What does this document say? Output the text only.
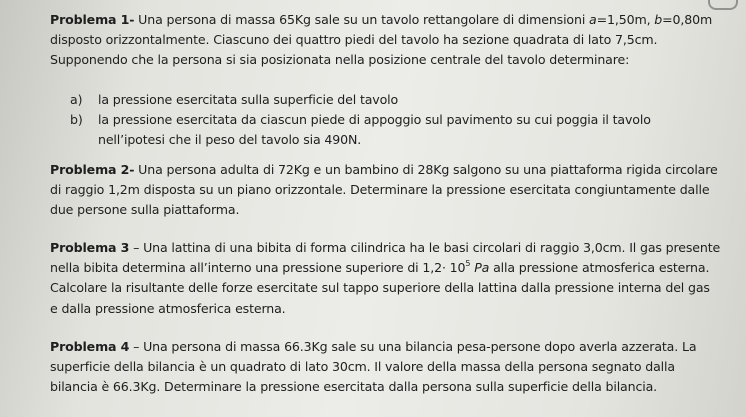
Problema 1- Una persona di massa 65Kg sale su un tavolo rettangolare di dimensioni a=1,50m, b=0,80m
disposto orizzontalmente. Ciascuno dei quattro piedi del tavolo ha sezione quadrata di lato 7,5cm.
Supponendo che la persona si sia posizionata nella posizione centrale del tavolo determinare:
a) la pressione esercitata sulla superficie del tavolo
b) la pressione esercitata da ciascun piede di appoggio sul pavimento su cui poggia il tavolo
nell’ipotesi che il peso del tavolo sia 490N.
Problema 2- Una persona adulta di 72Kg e un bambino di 28Kg salgono su una piattaforma rigida circolare
di raggio 1,2m disposta su un piano orizzontale. Determinare la pressione esercitata congiuntamente dalle
due persone sulla piattaforma.
Problema 3 – Una lattina di una bibita di forma cilindrica ha le basi circolari di raggio 3,0cm. Il gas presente
nella bibita determina all’interno una pressione superiore di $1,2\cdot 10^5$ Pa alla pressione atmosferica esterna.
Calcolare la risultante delle forze esercitate sul tappo superiore della lattina dalla pressione interna del gas
e dalla pressione atmosferica esterna.
Problema 4 – Una persona di massa 66.3Kg sale su una bilancia pesa-persone dopo averla azzerata. La
superficie della bilancia è un quadrato di lato 30cm. Il valore della massa della persona segnato dalla
bilancia è 66.3Kg. Determinare la pressione esercitata dalla persona sulla superficie della bilancia.
